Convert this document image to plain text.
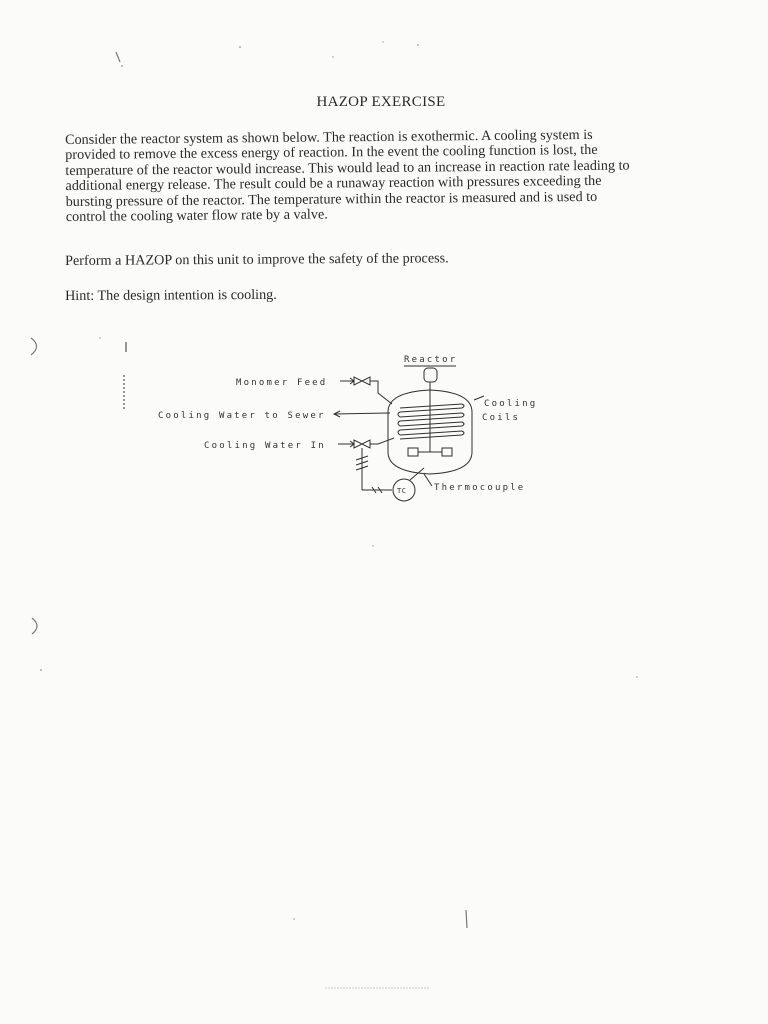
HAZOP EXERCISE
Consider the reactor system as shown below. The reaction is exothermic. A cooling system is
provided to remove the excess energy of reaction. In the event the cooling function is lost, the
temperature of the reactor would increase. This would lead to an increase in reaction rate leading to
additional energy release. The result could be a runaway reaction with pressures exceeding the
bursting pressure of the reactor. The temperature within the reactor is measured and is used to
control the cooling water flow rate by a valve.
Perform a HAZOP on this unit to improve the safety of the process.
Hint: The design intention is cooling.
Reactor
Monomer Feed
Cooling Water to Sewer
Cooling Water In
Cooling
Coils
Thermocouple
TC
